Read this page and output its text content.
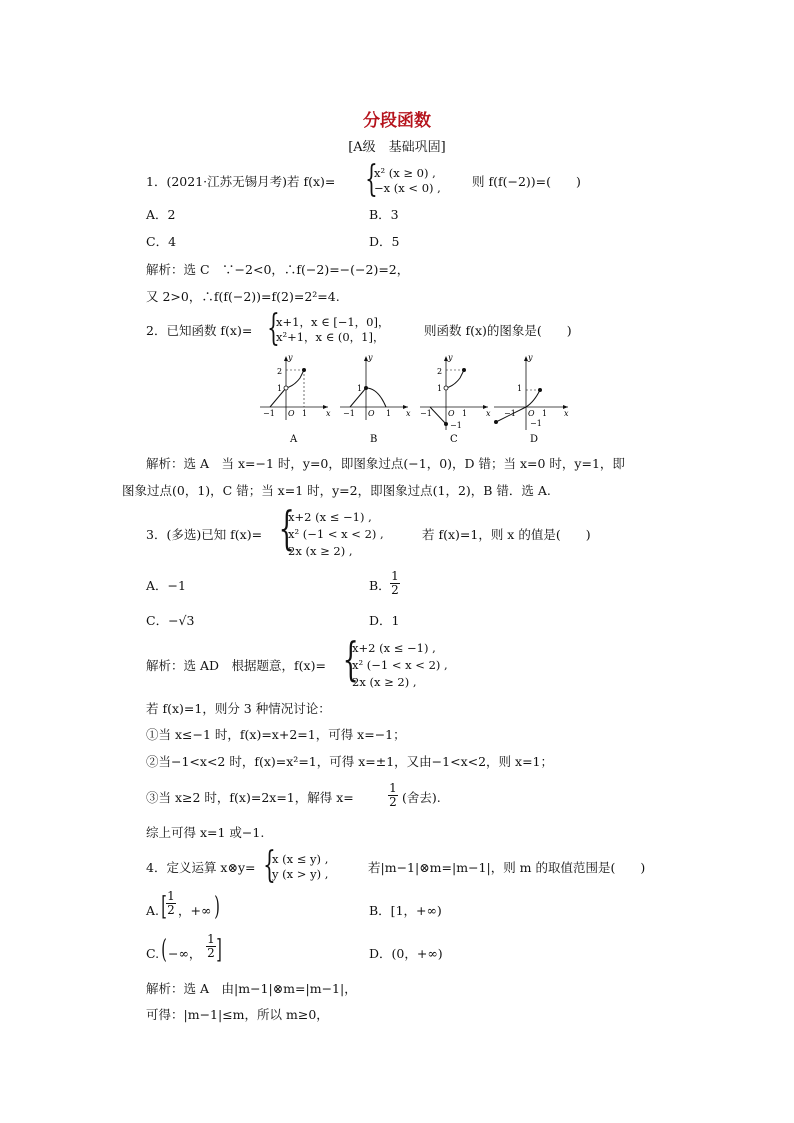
分段函数
[A级　基础巩固]
1．(2021·江苏无锡月考)若 f(x)= {
x² (x ≥ 0) ,
−x (x < 0) , 则 f(f(−2))=(　　)
A．2	B．3
C．4	D．5
解析：选 C　∵−2<0，∴f(−2)=−(−2)=2，
又 2>0，∴f(f(−2))=f(2)=2²=4.
2．已知函数 f(x)= {
x+1，x ∈ [−1，0]，
x²+1，x ∈ (0，1]，	则函数 f(x)的图象是(　　)
y
x
O
−1	1
1
2
A
y
x
O
−1	1
1
B
y
x
O
−1	1
−1
1
2
C
y
x
O
−1	1
−1
1
D
解析：选 A　当 x=−1 时，y=0，即图象过点(−1，0)，D 错；当 x=0 时，y=1，即
图象过点(0，1)，C 错；当 x=1 时，y=2，即图象过点(1，2)，B 错．选 A.
3．(多选)已知 f(x)= {
x+2 (x ≤ −1) ,
x² (−1 < x < 2) ,
2x (x ≥ 2) ,
若 f(x)=1，则 x 的值是(　　)
A．−1	B．
1
2
C．−√3	D．1
解析：选 AD　根据题意，f(x)= {
x+2 (x ≤ −1) ,
x² (−1 < x < 2) ,
2x (x ≥ 2) ,
若 f(x)=1，则分 3 种情况讨论：
①当 x≤−1 时，f(x)=x+2=1，可得 x=−1；
②当−1<x<2 时，f(x)=x²=1，可得 x=±1，又由−1<x<2，则 x=1；
③当 x≥2 时，f(x)=2x=1，解得 x=
1
2 (舍去).
综上可得 x=1 或−1.
4．定义运算 x⊗y= {
x (x ≤ y) ,
y (x > y) ,	若|m−1|⊗m=|m−1|，则 m 的取值范围是(　　)
A. [ 1
2 ，+∞ )	B．[1，+∞)
C. ( −∞，
1
2 ]	D．(0，+∞)
解析：选 A　由|m−1|⊗m=|m−1|，
可得：|m−1|≤m，所以 m≥0，
